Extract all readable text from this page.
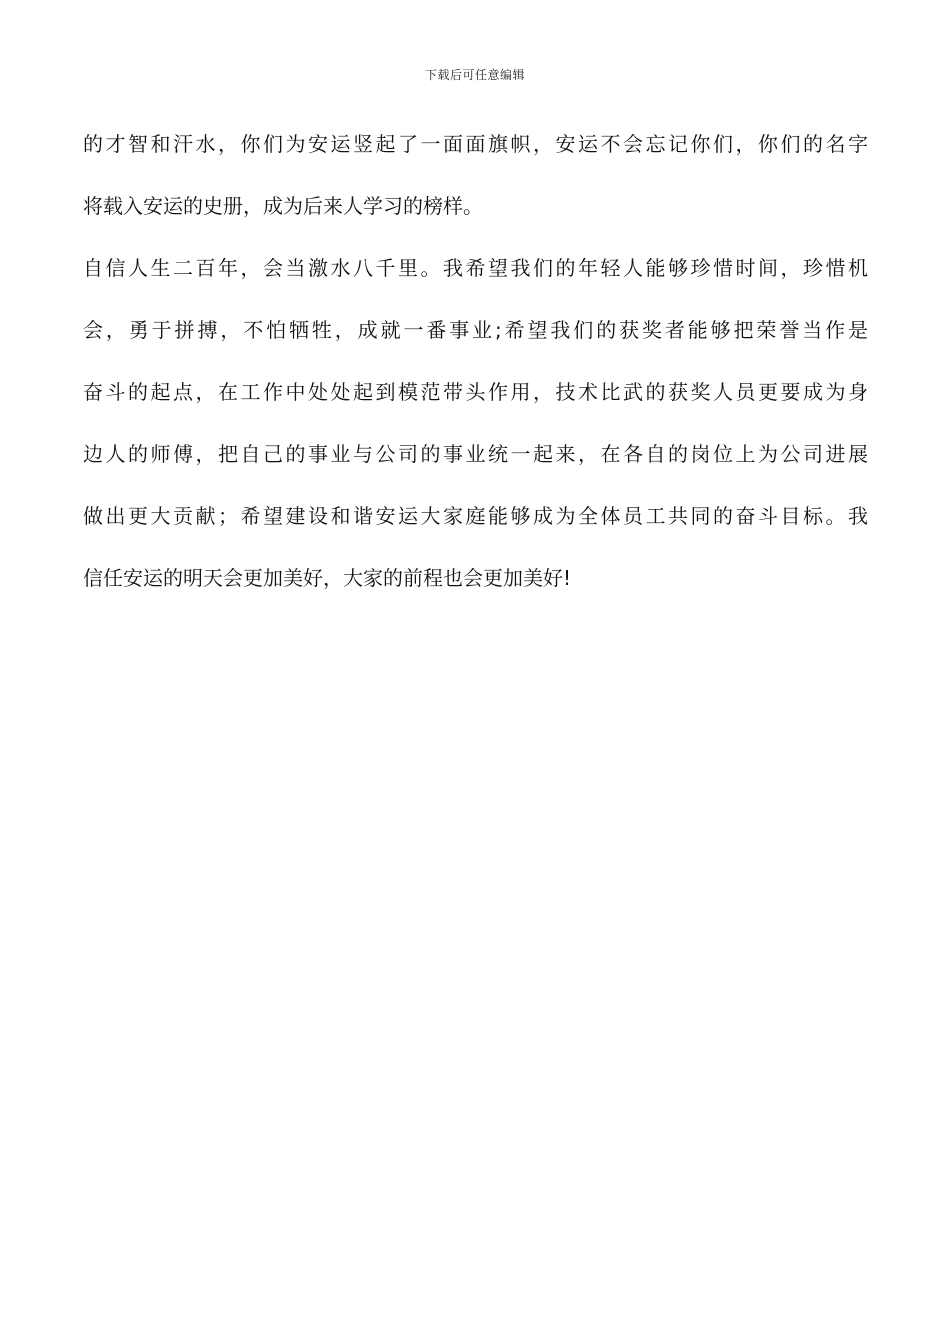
下载后可任意编辑
的才智和汗水，你们为安运竖起了一面面旗帜，安运不会忘记你们，你们的名字
将载入安运的史册，成为后来人学习的榜样。
自信人生二百年，会当激水八千里。我希望我们的年轻人能够珍惜时间，珍惜机
会，勇于拼搏，不怕牺牲，成就一番事业;希望我们的获奖者能够把荣誉当作是
奋斗的起点，在工作中处处起到模范带头作用，技术比武的获奖人员更要成为身
边人的师傅，把自己的事业与公司的事业统一起来，在各自的岗位上为公司进展
做出更大贡献；希望建设和谐安运大家庭能够成为全体员工共同的奋斗目标。我
信任安运的明天会更加美好，大家的前程也会更加美好!
